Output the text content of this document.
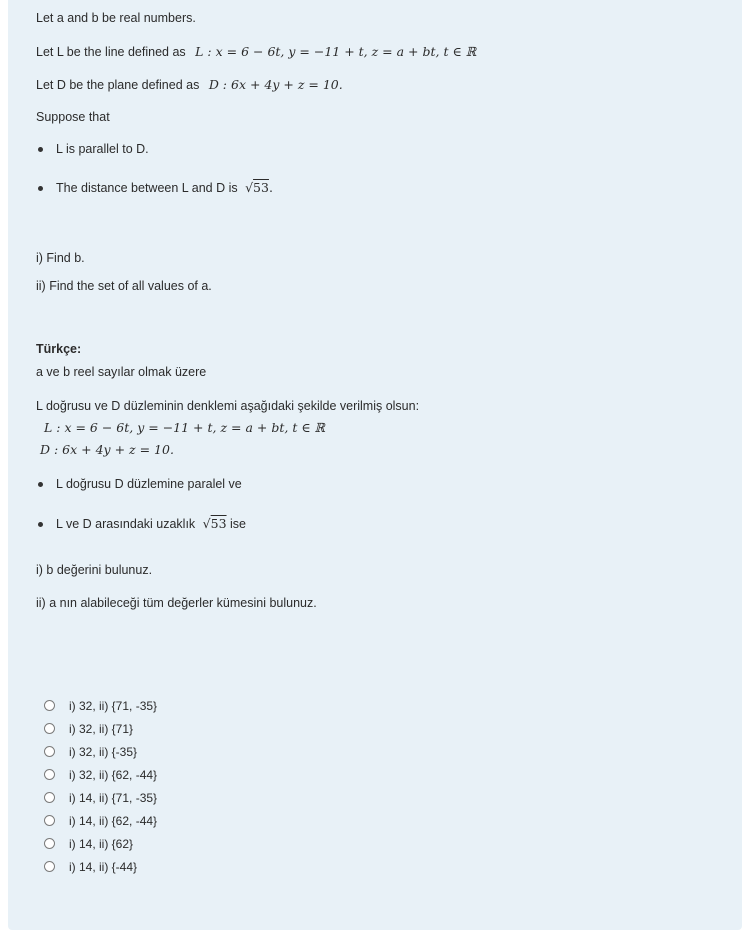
Let a and b be real numbers.
Let L be the line defined as L : x = 6 − 6t, y = −11 + t, z = a + bt, t ∈ ℝ
Let D be the plane defined as D : 6x + 4y + z = 10.
Suppose that
L is parallel to D.
The distance between L and D is √53.
i) Find b.
ii) Find the set of all values of a.
Türkçe:
a ve b reel sayılar olmak üzere
L doğrusu ve D düzleminin denklemi aşağıdaki şekilde verilmiş olsun:
L : x = 6 − 6t, y = −11 + t, z = a + bt, t ∈ ℝ
D : 6x + 4y + z = 10.
L doğrusu D düzlemine paralel ve
L ve D arasındaki uzaklık √53 ise
i) b değerini bulunuz.
ii) a nın alabileceği tüm değerler kümesini bulunuz.
i) 32, ii) {71, -35}
i) 32, ii) {71}
i) 32, ii) {-35}
i) 32, ii) {62, -44}
i) 14, ii) {71, -35}
i) 14, ii) {62, -44}
i) 14, ii) {62}
i) 14, ii) {-44}
